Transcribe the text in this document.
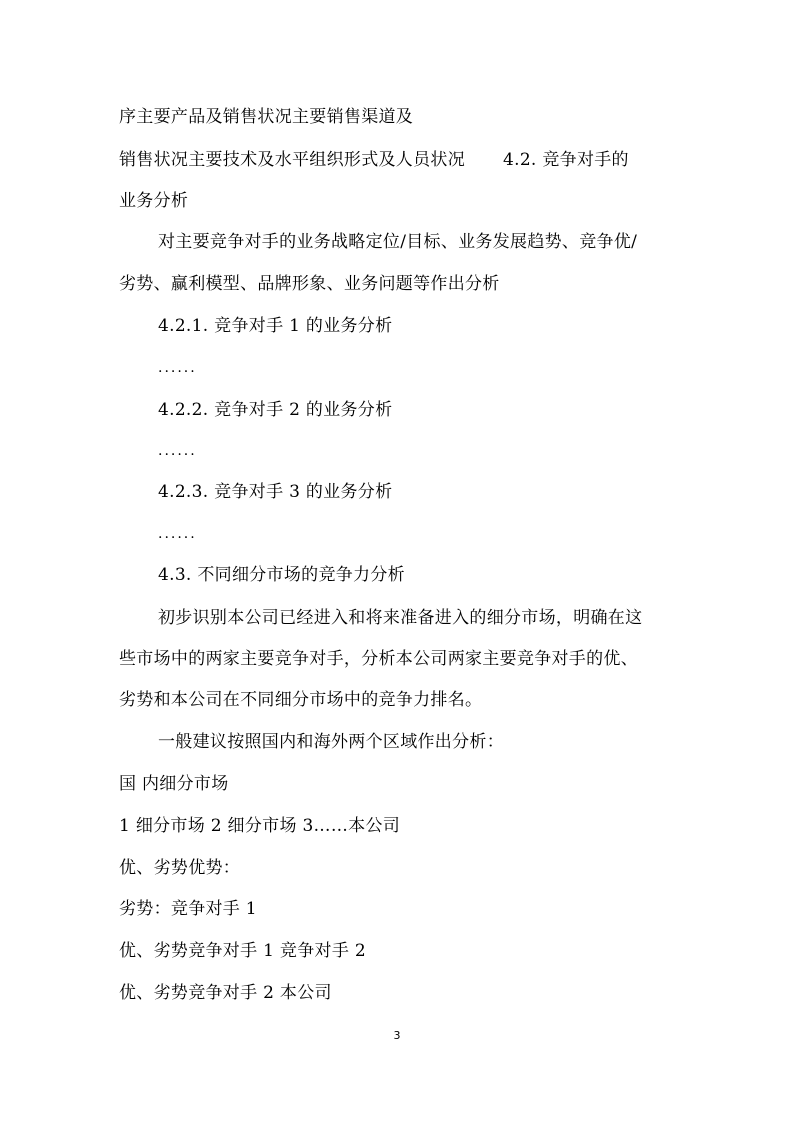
序主要产品及销售状况主要销售渠道及
销售状况主要技术及水平组织形式及人员状况 4.2. 竞争对手的
业务分析
对主要竞争对手的业务战略定位/目标、业务发展趋势、竞争优/
劣势、赢利模型、品牌形象、业务问题等作出分析
4.2.1. 竞争对手 1 的业务分析
......
4.2.2. 竞争对手 2 的业务分析
......
4.2.3. 竞争对手 3 的业务分析
......
4.3. 不同细分市场的竞争力分析
初步识别本公司已经进入和将来准备进入的细分市场，明确在这
些市场中的两家主要竞争对手，分析本公司两家主要竞争对手的优、
劣势和本公司在不同细分市场中的竞争力排名。
一般建议按照国内和海外两个区域作出分析：
国 内细分市场
1 细分市场 2 细分市场 3……本公司
优、劣势优势：
劣势：竞争对手 1
优、劣势竞争对手 1 竞争对手 2
优、劣势竞争对手 2 本公司
3
